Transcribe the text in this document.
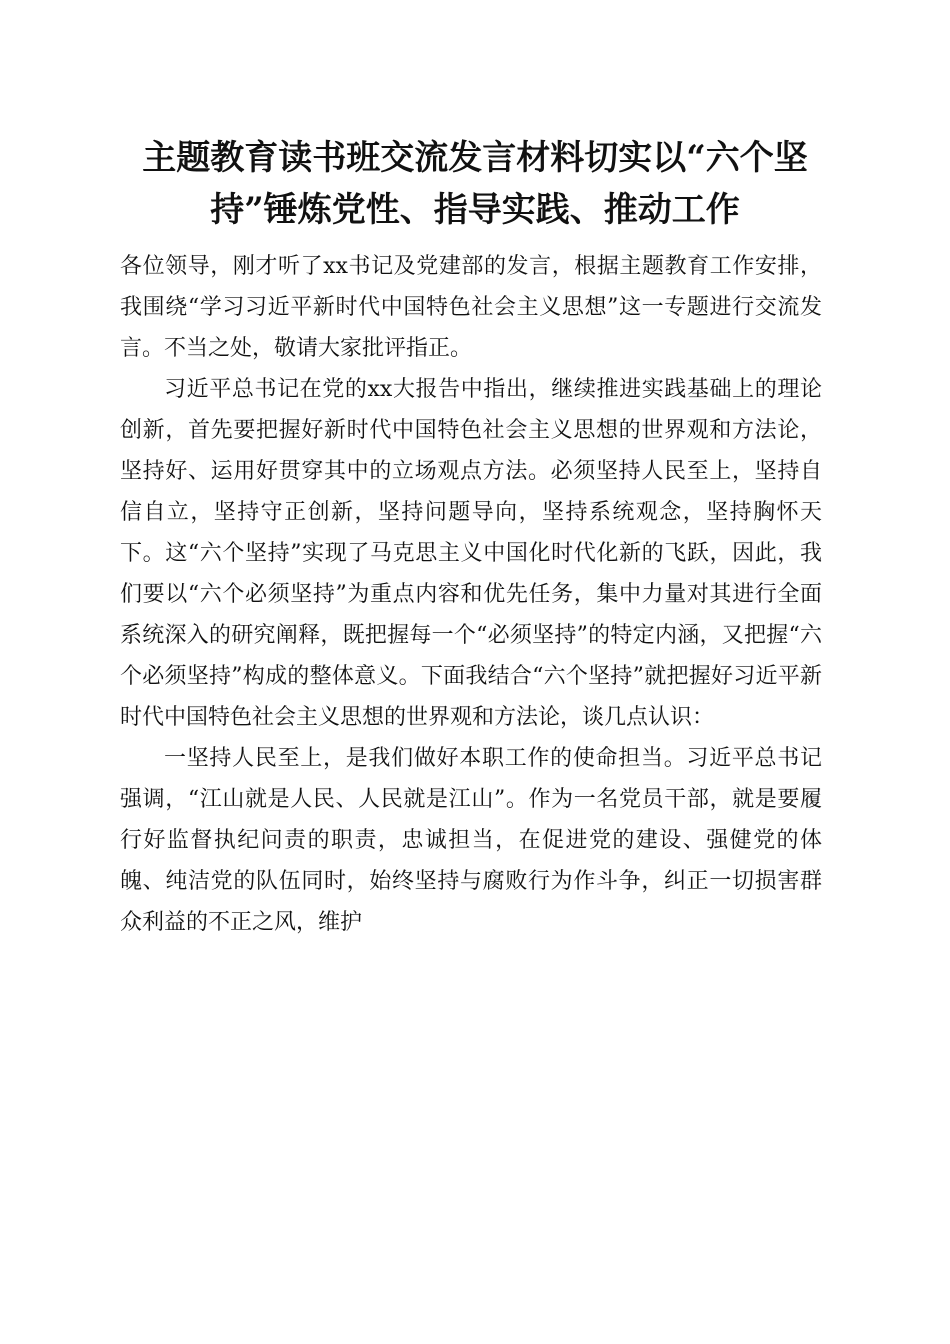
主题教育读书班交流发言材料切实以“六个坚持”锤炼党性、指导实践、推动工作

各位领导，刚才听了xx书记及党建部的发言，根据主题教育工作安排，我围绕“学习习近平新时代中国特色社会主义思想”这一专题进行交流发言。不当之处，敬请大家批评指正。

习近平总书记在党的xx大报告中指出，继续推进实践基础上的理论创新，首先要把握好新时代中国特色社会主义思想的世界观和方法论，坚持好、运用好贯穿其中的立场观点方法。必须坚持人民至上，坚持自信自立，坚持守正创新，坚持问题导向，坚持系统观念，坚持胸怀天下。这“六个坚持”实现了马克思主义中国化时代化新的飞跃，因此，我们要以“六个必须坚持”为重点内容和优先任务，集中力量对其进行全面系统深入的研究阐释，既把握每一个“必须坚持”的特定内涵，又把握“六个必须坚持”构成的整体意义。下面我结合“六个坚持”就把握好习近平新时代中国特色社会主义思想的世界观和方法论，谈几点认识：

一坚持人民至上，是我们做好本职工作的使命担当。习近平总书记强调，“江山就是人民、人民就是江山”。作为一名党员干部，就是要履行好监督执纪问责的职责，忠诚担当，在促进党的建设、强健党的体魄、纯洁党的队伍同时，始终坚持与腐败行为作斗争，纠正一切损害群众利益的不正之风，维护
